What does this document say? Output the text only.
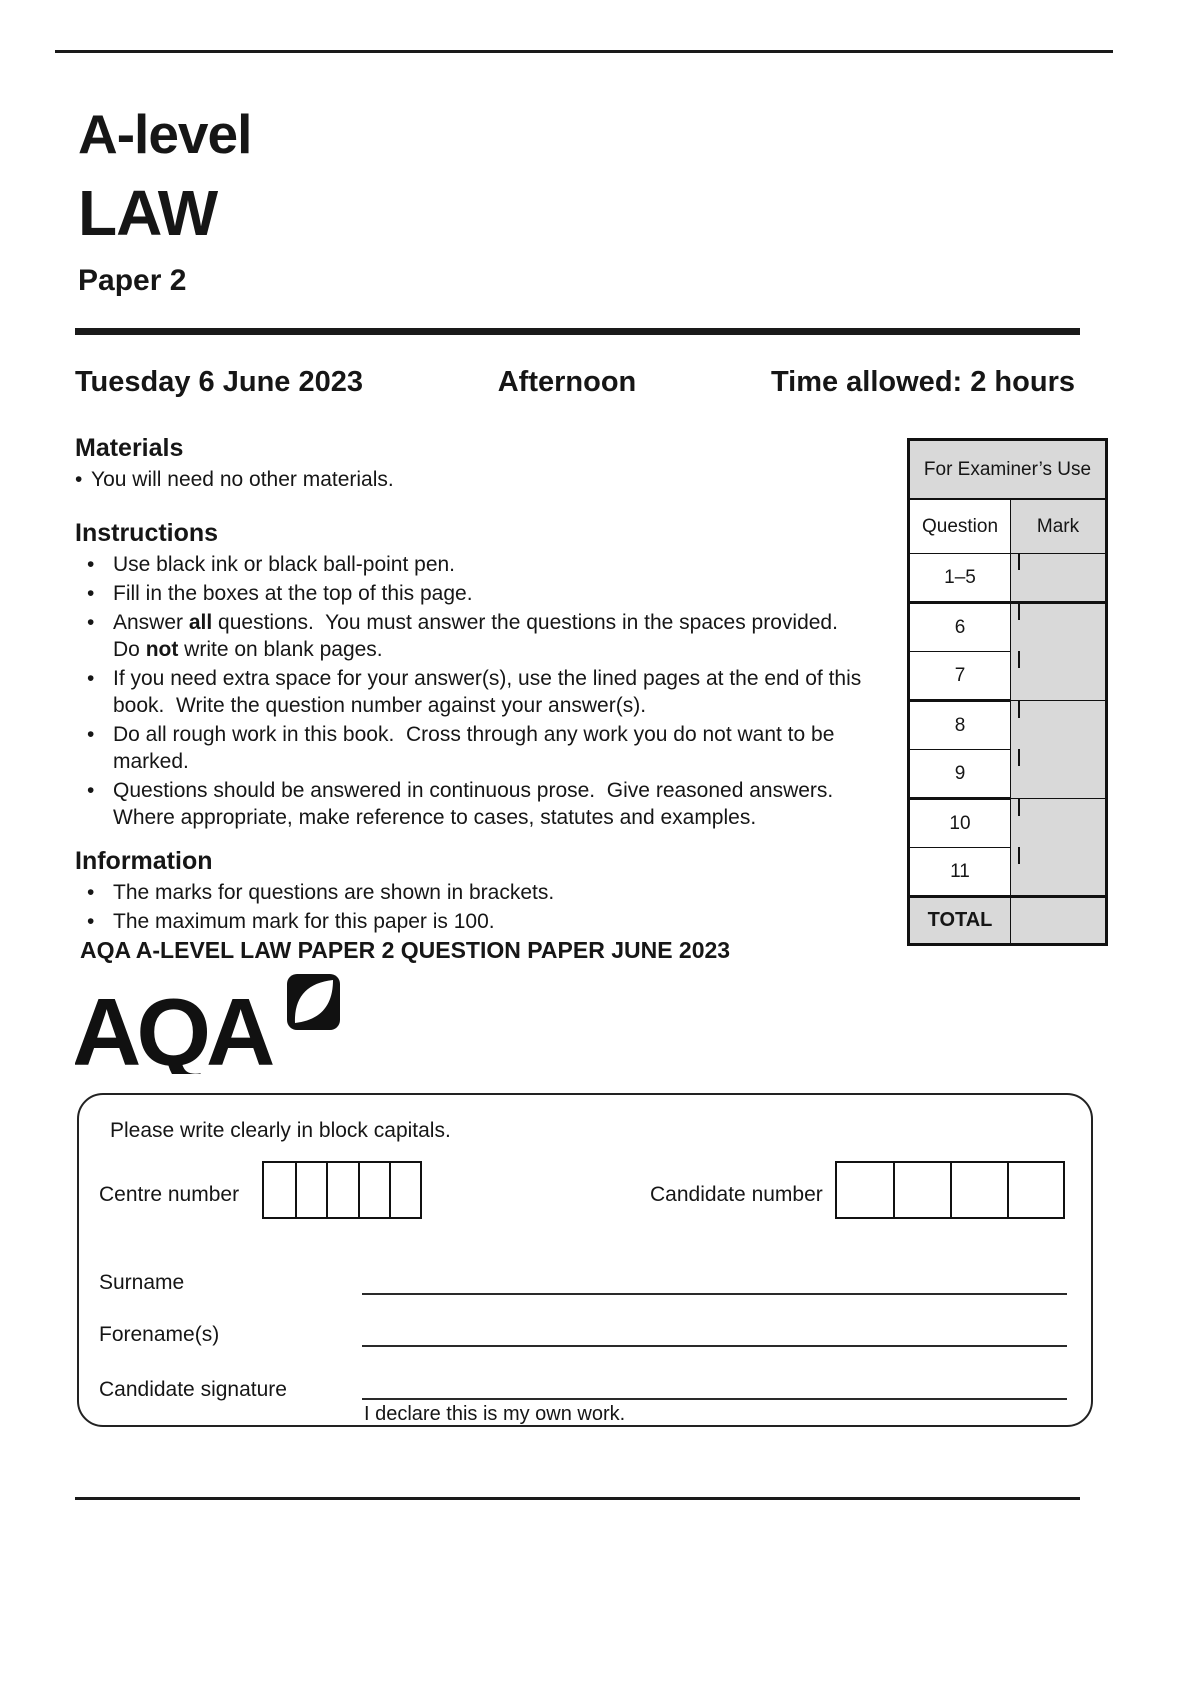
A-level
LAW
Paper 2
Tuesday 6 June 2023	Afternoon	Time allowed: 2 hours
Materials
• You will need no other materials.
Instructions
• Use black ink or black ball-point pen.
• Fill in the boxes at the top of this page.
• Answer all questions.  You must answer the questions in the spaces provided.
Do not write on blank pages.
• If you need extra space for your answer(s), use the lined pages at the end of this
book.  Write the question number against your answer(s).
• Do all rough work in this book.  Cross through any work you do not want to be
marked.
• Questions should be answered in continuous prose.  Give reasoned answers.
Where appropriate, make reference to cases, statutes and examples.
Information
• The marks for questions are shown in brackets.
• The maximum mark for this paper is 100.
AQA A-LEVEL LAW PAPER 2 QUESTION PAPER JUNE 2023
For Examiner’s Use	
Question	Mark
1–5	
6	
7	
8	
9	
10	
11	
TOTAL	
AQA
Please write clearly in block capitals.
Centre number	Candidate number
Surname
Forename(s)
Candidate signature
I declare this is my own work.
